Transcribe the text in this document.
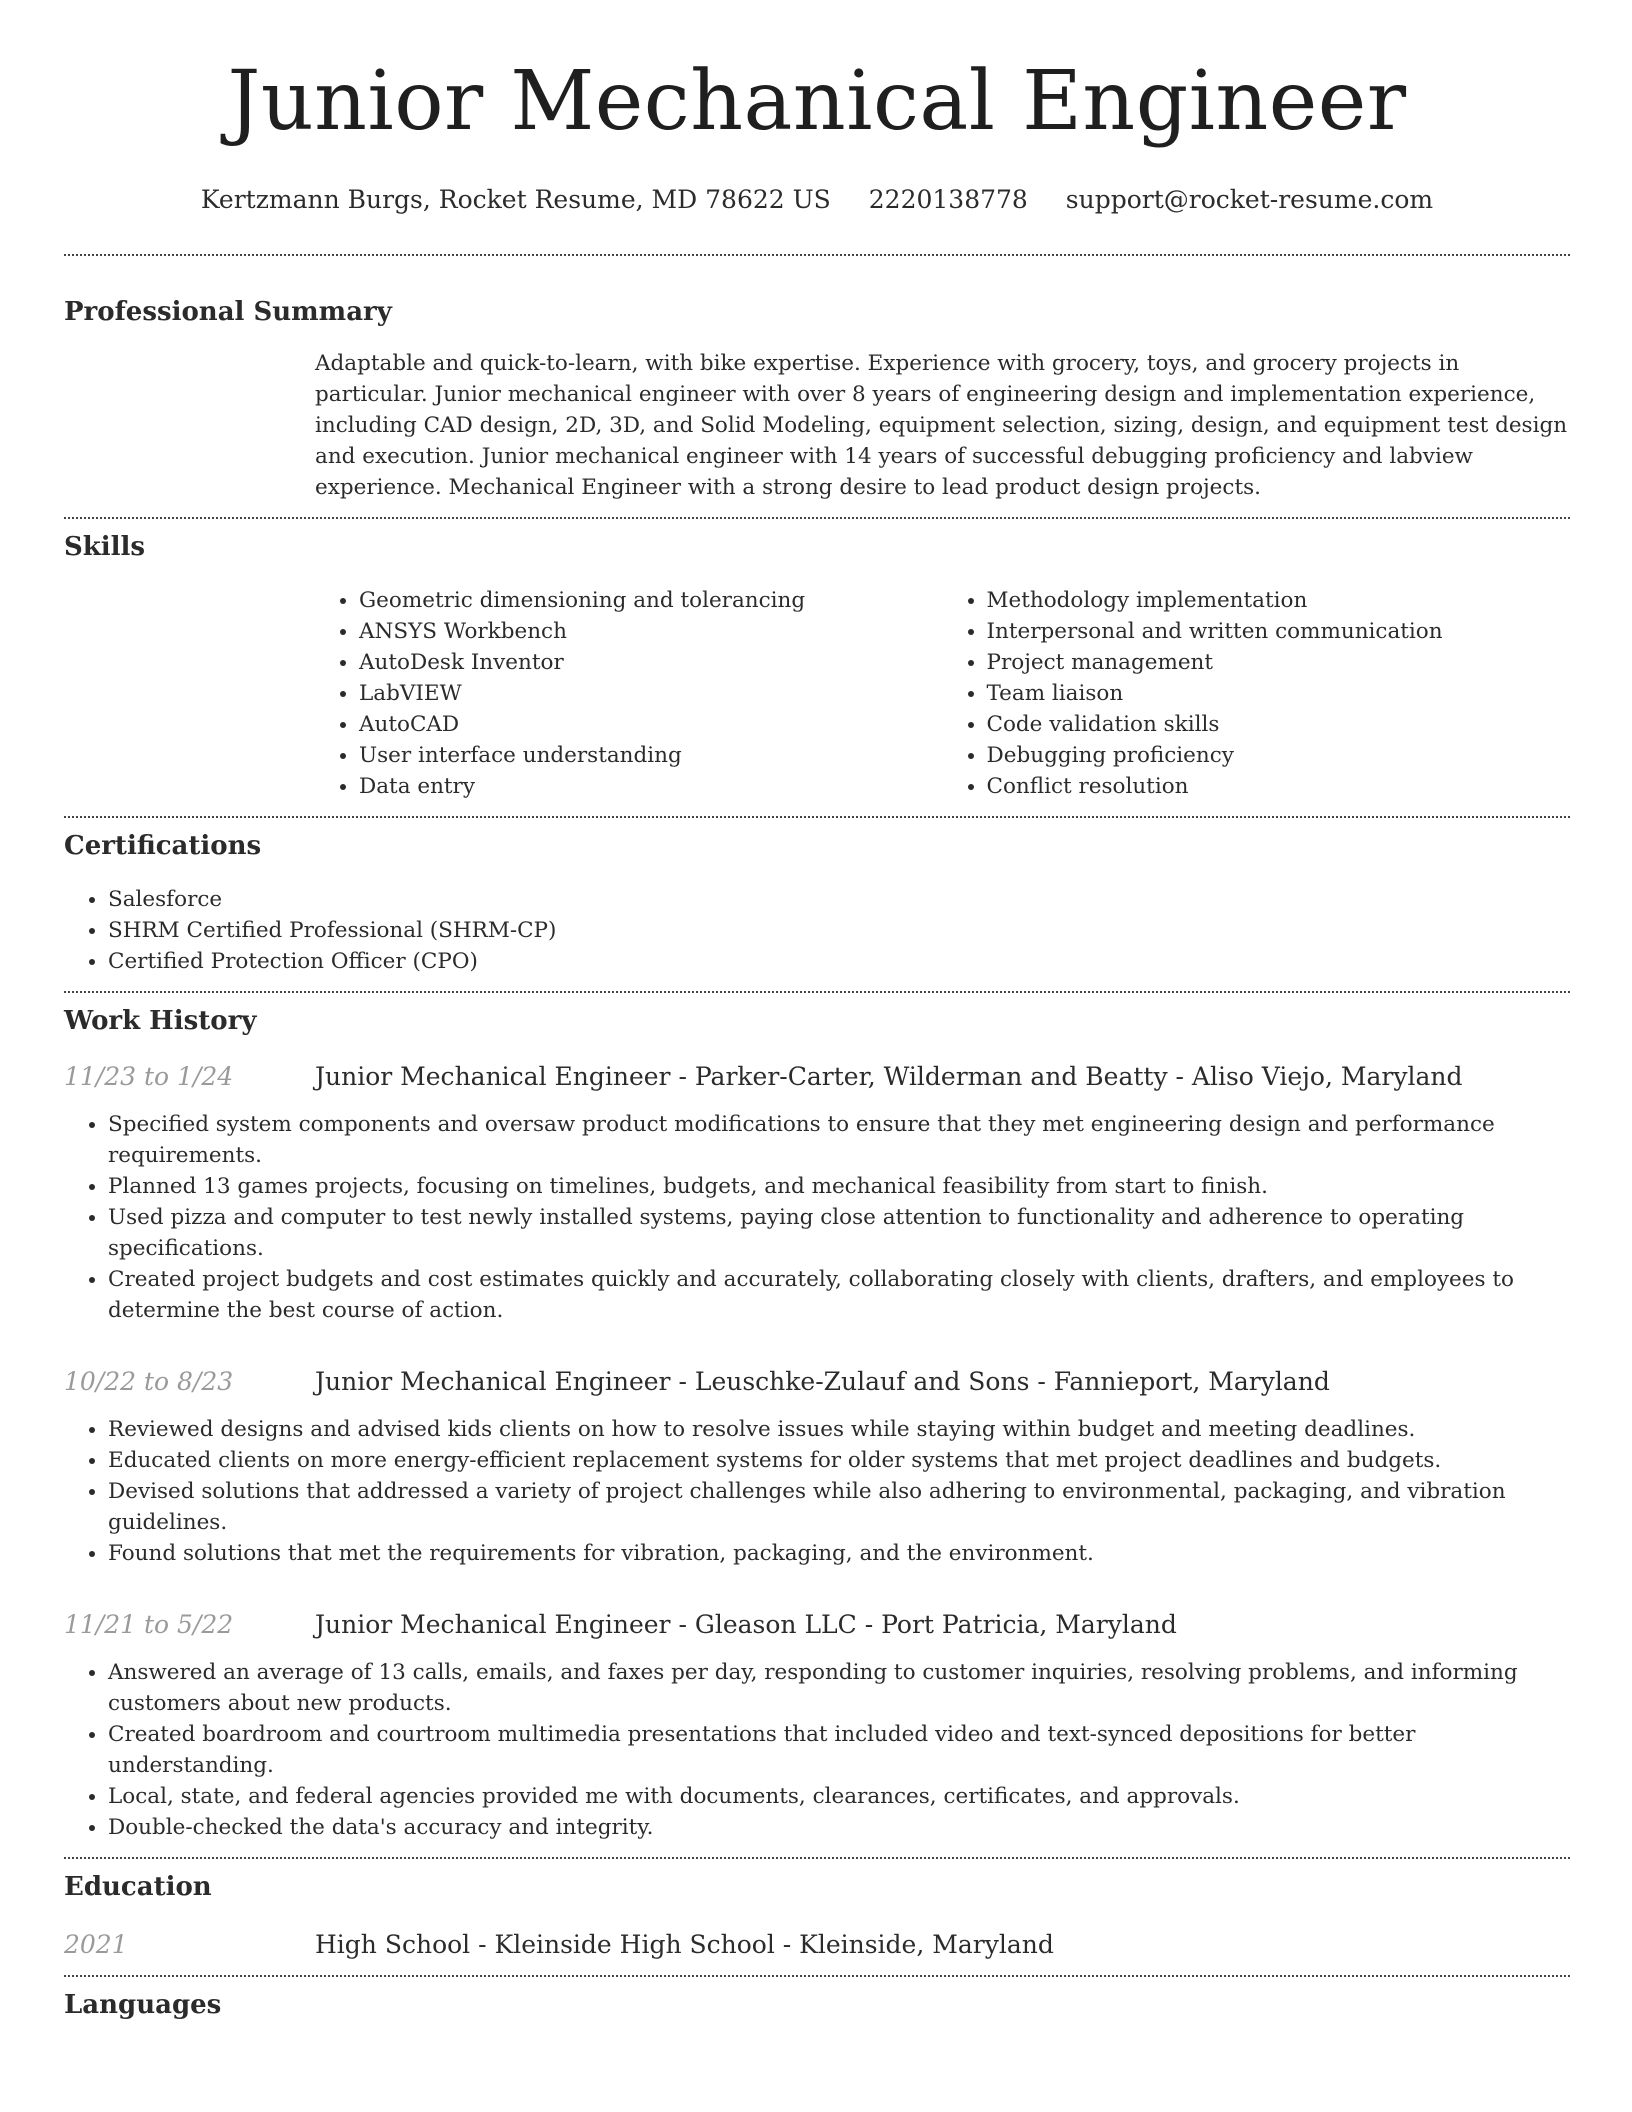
Junior Mechanical Engineer
Kertzmann Burgs, Rocket Resume, MD 78622 US 2220138778 support@rocket-resume.com
Professional Summary

Adaptable and quick-to-learn, with bike expertise. Experience with grocery, toys, and grocery projects in particular. Junior mechanical engineer with over 8 years of engineering design and implementation experience, including CAD design, 2D, 3D, and Solid Modeling, equipment selection, sizing, design, and equipment test design and execution. Junior mechanical engineer with 14 years of successful debugging proficiency and labview experience. Mechanical Engineer with a strong desire to lead product design projects.

Skills
• Geometric dimensioning and tolerancing
• ANSYS Workbench
• AutoDesk Inventor
• LabVIEW
• AutoCAD
• User interface understanding
• Data entry
• Methodology implementation
• Interpersonal and written communication
• Project management
• Team liaison
• Code validation skills
• Debugging proficiency
• Conflict resolution
Certifications
• Salesforce
• SHRM Certified Professional (SHRM-CP)
• Certified Protection Officer (CPO)
Work History
11/23 to 1/24	Junior Mechanical Engineer - Parker-Carter, Wilderman and Beatty - Aliso Viejo, Maryland
• Specified system components and oversaw product modifications to ensure that they met engineering design and performance requirements.
• Planned 13 games projects, focusing on timelines, budgets, and mechanical feasibility from start to finish.
• Used pizza and computer to test newly installed systems, paying close attention to functionality and adherence to operating specifications.
• Created project budgets and cost estimates quickly and accurately, collaborating closely with clients, drafters, and employees to determine the best course of action.
10/22 to 8/23	Junior Mechanical Engineer - Leuschke-Zulauf and Sons - Fannieport, Maryland
• Reviewed designs and advised kids clients on how to resolve issues while staying within budget and meeting deadlines.
• Educated clients on more energy-efficient replacement systems for older systems that met project deadlines and budgets.
• Devised solutions that addressed a variety of project challenges while also adhering to environmental, packaging, and vibration guidelines.
• Found solutions that met the requirements for vibration, packaging, and the environment.
11/21 to 5/22	Junior Mechanical Engineer - Gleason LLC - Port Patricia, Maryland
• Answered an average of 13 calls, emails, and faxes per day, responding to customer inquiries, resolving problems, and informing customers about new products.
• Created boardroom and courtroom multimedia presentations that included video and text-synced depositions for better understanding.
• Local, state, and federal agencies provided me with documents, clearances, certificates, and approvals.
• Double-checked the data's accuracy and integrity.
Education
2021	High School - Kleinside High School - Kleinside, Maryland
Languages
